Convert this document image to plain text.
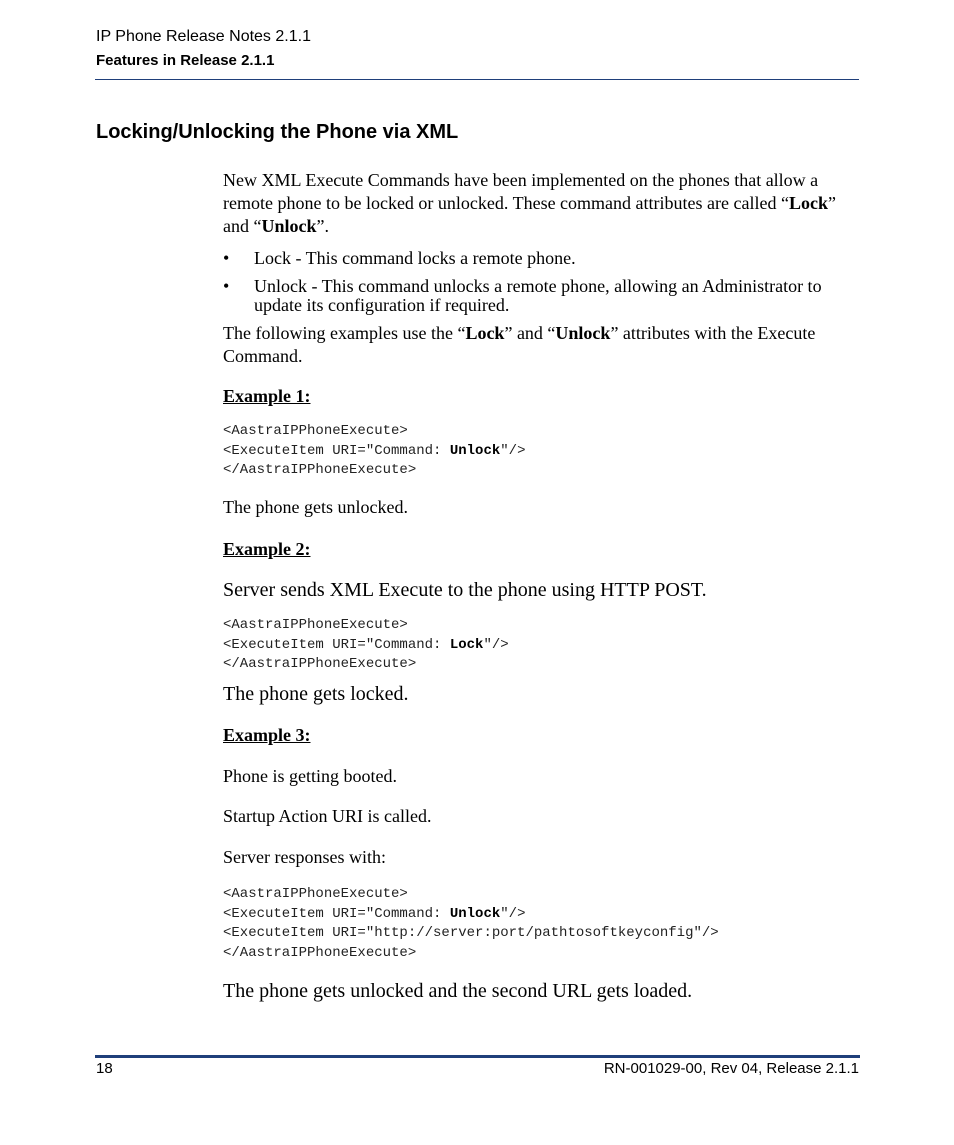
IP Phone Release Notes 2.1.1
Features in Release 2.1.1
Locking/Unlocking the Phone via XML

New XML Execute Commands have been implemented on the phones that allow a remote phone to be locked or unlocked. These command attributes are called “Lock” and “Unlock”.

• Lock - This command locks a remote phone.
• Unlock - This command unlocks a remote phone, allowing an Administrator to update its configuration if required.

The following examples use the “Lock” and “Unlock” attributes with the Execute Command.

Example 1:
<AastraIPPhoneExecute>
<ExecuteItem URI="Command: Unlock"/>
</AastraIPPhoneExecute>
The phone gets unlocked.
Example 2:
Server sends XML Execute to the phone using HTTP POST.
<AastraIPPhoneExecute>
<ExecuteItem URI="Command: Lock"/>
</AastraIPPhoneExecute>
The phone gets locked.
Example 3:
Phone is getting booted.
Startup Action URI is called.
Server responses with:
<AastraIPPhoneExecute>
<ExecuteItem URI="Command: Unlock"/>
<ExecuteItem URI="http://server:port/pathtosoftkeyconfig"/>
</AastraIPPhoneExecute>
The phone gets unlocked and the second URL gets loaded.
18	RN-001029-00, Rev 04, Release 2.1.1
